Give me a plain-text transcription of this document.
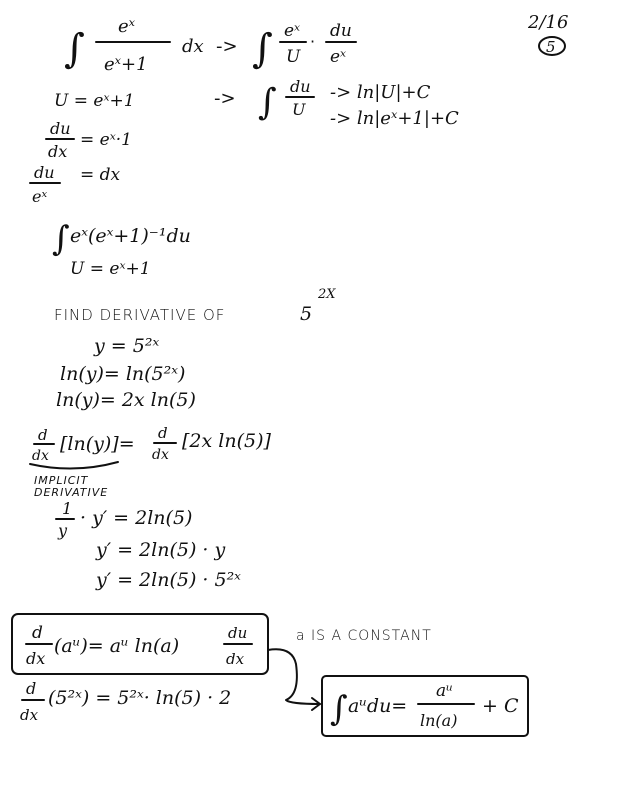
2/16
5
∫ eˣ
eˣ+1
dx -> ∫ eˣ
U
·
du
eˣ
U = eˣ+1	-> ∫ du
U
-> ln|U|+C
-> ln|eˣ+1|+C
du
dx
= eˣ·1
du
eˣ
= dx
∫ eˣ(eˣ+1)⁻¹du
U = eˣ+1
FIND DERIVATIVE OF	5
2X
y = 5²ˣ
ln(y)= ln(5²ˣ)
ln(y)= 2x ln(5)
d
dx
[ln(y)]= d
dx
[2x ln(5)]
IMPLICIT
DERIVATIVE
1
y
· y′ = 2ln(5)
y′ = 2ln(5) · y
y′ = 2ln(5) · 5²ˣ
d
dx
(aᵘ)= aᵘ ln(a)
du
dx
a IS A CONSTANT
d
dx
(5²ˣ) = 5²ˣ· ln(5) · 2	∫ aᵘdu=
aᵘ
ln(a)
+ C
